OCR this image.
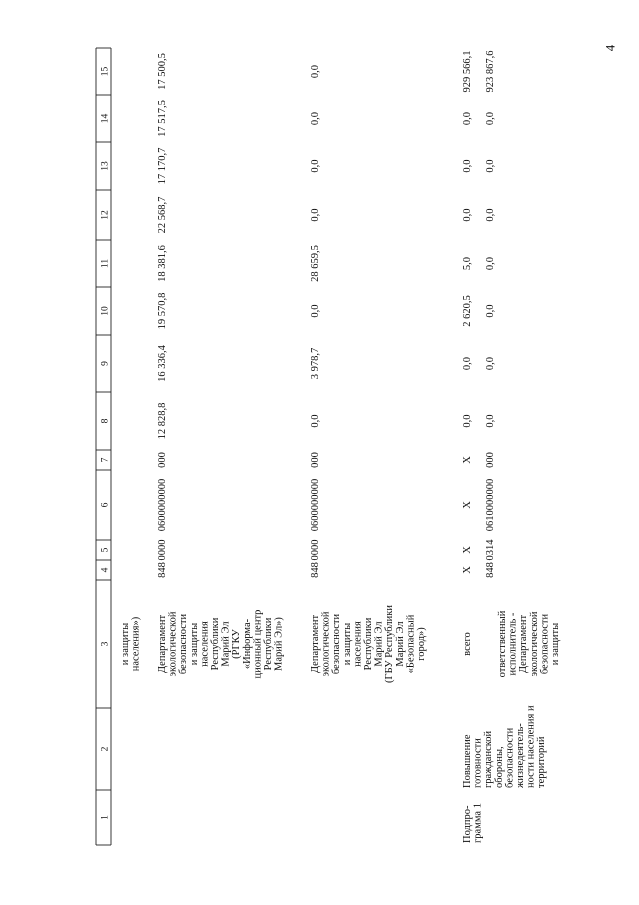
4
1
2
3
4
5
6
7
8
9
10
11
12
13
14
15
и защиты населения») Департамент экологической безопасности и защиты населения Республики Марий Эл (РГКУ «Информа- ционный центр Республики Марий Эл»)
848
0000
0600000000
000
12 828,8
16 336,4
19 570,8
18 381,6
22 568,7
17 170,7
17 517,5
17 500,5
Департамент экологической безопасности и защиты населения Республики Марий Эл (ГБУ Республики Марий Эл «Безопасный город»)
848
0000
0600000000
000
0,0
3 978,7
0,0
28 659,5
0,0
0,0
0,0
0,0
Подпро- грамма 1
Повышение готовности гражданской обороны, безопасности жизнедеятель- ности населения и территорий
всего
X
X
X
X
0,0
0,0
2 620,5
5,0
0,0
0,0
0,0
929 566,1
ответственный исполнитель - Департамент экологической безопасности и защиты
848
0314
0610000000
000
0,0
0,0
0,0
0,0
0,0
0,0
0,0
923 867,6
